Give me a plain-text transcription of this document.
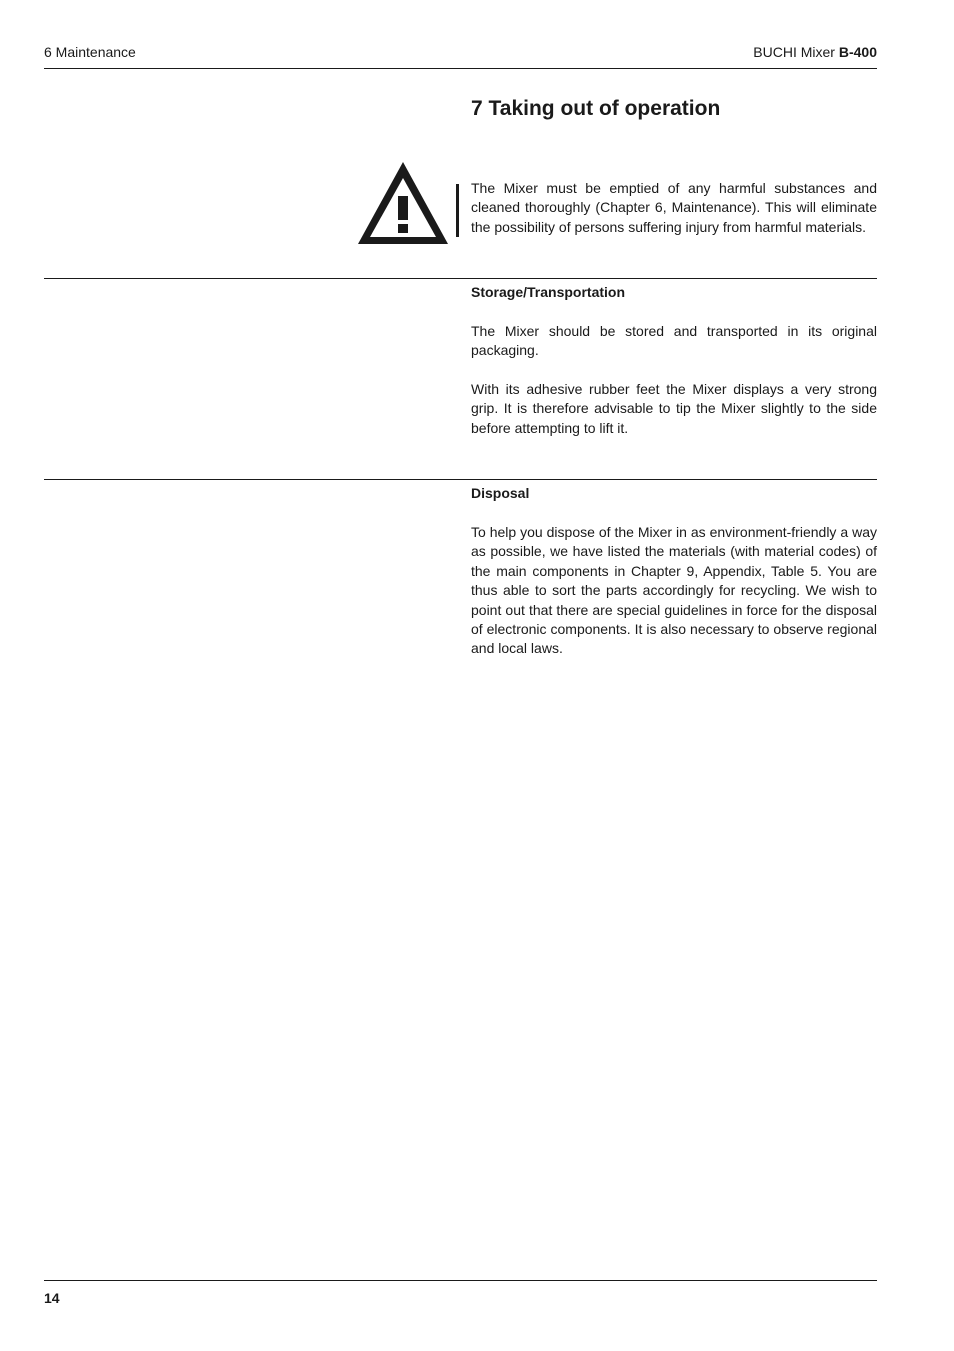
6 Maintenance	BUCHI Mixer B-400
7 Taking out of operation

The Mixer must be emptied of any harmful substances and cleaned thoroughly (Chapter 6, Maintenance). This will eliminate the possibility of persons suffering injury from harmful materials.

Storage/Transportation

The Mixer should be stored and transported in its original packaging.

With its adhesive rubber feet the Mixer displays a very strong grip. It is therefore advisable to tip the Mixer slightly to the side before attempting to lift it.

Disposal

To help you dispose of the Mixer in as environment-friendly a way as possible, we have listed the materials (with material codes) of the main components in Chapter 9, Appendix, Table 5. You are thus able to sort the parts accordingly for recycling. We wish to point out that there are special guidelines in force for the disposal of electronic components. It is also necessary to observe regional and local laws.

14
